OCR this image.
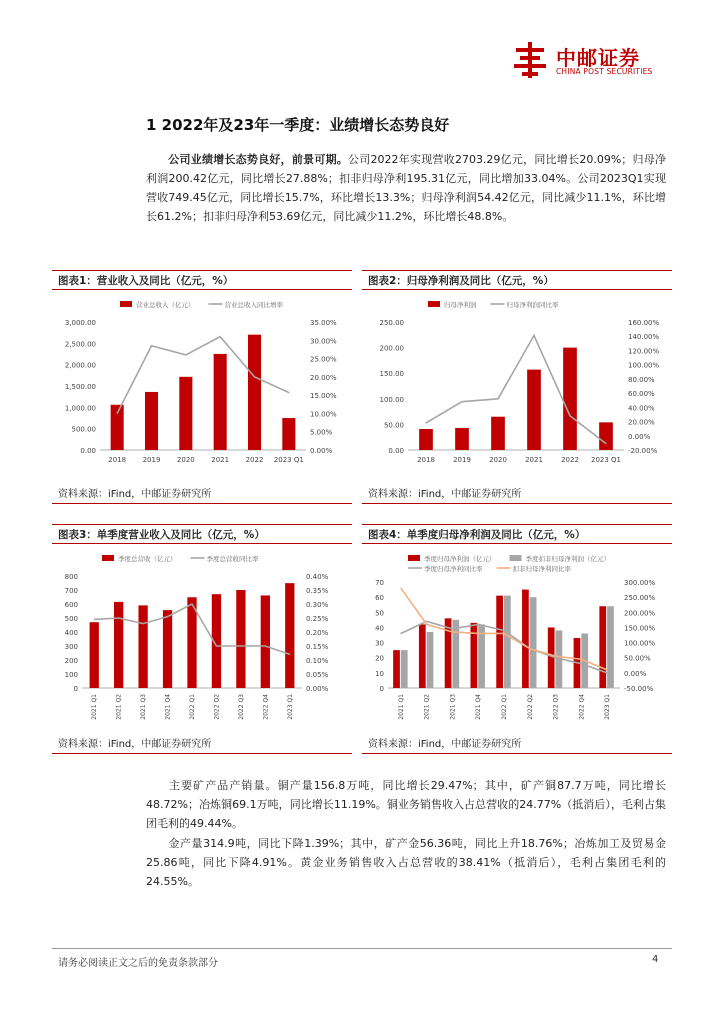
中邮证券
CHINA POST SECURITIES
1 2022年及23年一季度：业绩增长态势良好
公司业绩增长态势良好，前景可期。公司2022年实现营收2703.29亿元，同比增长20.09%；归母净利润200.42亿元，同比增长27.88%；扣非归母净利195.31亿元，同比增加33.04%。公司2023Q1实现营收749.45亿元，同比增长15.7%，环比增长13.3%；归母净利润54.42亿元，同比减少11.1%，环比增长61.2%；扣非归母净利53.69亿元，同比减少11.2%，环比增长48.8%。
图表1：营业收入及同比（亿元，%）	图表2：归母净利润及同比（亿元，%）
0.00
500.00
1,000.00
1,500.00
2,000.00
2,500.00
3,000.00
0.00%
5.00%
10.00%
15.00%
20.00%
25.00%
30.00%
35.00%
2018 2019 2020 2021 2022 2023 Q1
营业总收入（亿元）	营业总收入同比增率
0.00
50.00
100.00
150.00
200.00
250.00
-20.00%
0.00%
20.00%
40.00%
60.00%
80.00%
100.00%
120.00%
140.00%
160.00%
2018	2019	2020	2021	2022 2023 Q1
归母净利润	归母净利润同比率
资料来源：iFind，中邮证券研究所	资料来源：iFind，中邮证券研究所
图表3：单季度营业收入及同比（亿元，%）	图表4：单季度归母净利润及同比（亿元，%）
0
100
200
300
400
500
600
700
800
0.00%
0.05%
0.10%
0.15%
0.20%
0.25%
0.30%
0.35%
0.40%
2021 Q1	2021 Q2	2021 Q3	2021 Q4	2022 Q1	2022 Q2	2022 Q3	2022 Q4	2023 Q1
季度总营收（亿元）	季度总营收同比率
0
10
20
30
40
50
60
70
-50.00%
0.00%
50.00%
100.00%
150.00%
200.00%
250.00%
300.00%
2021 Q1	2021 Q2	2021 Q3	2021 Q4	2022 Q1	2022 Q2	2022 Q3	2022 Q4	2023 Q1
季度归母净利润（亿元）	季度扣非归母净利润（亿元）
季度归母净利同比率	扣非归母净利同比率
资料来源：iFind，中邮证券研究所	资料来源：iFind，中邮证券研究所
主要矿产品产销量。铜产量156.8万吨，同比增长29.47%；其中，矿产铜87.7万吨，同比增长48.72%；冶炼铜69.1万吨，同比增长11.19%。铜业务销售收入占总营收的24.77%（抵消后），毛利占集团毛利的49.44%。
金产量314.9吨，同比下降1.39%；其中，矿产金56.36吨，同比上升18.76%；冶炼加工及贸易金25.86吨，同比下降4.91%。黄金业务销售收入占总营收的38.41%（抵消后），毛利占集团毛利的24.55%。
请务必阅读正文之后的免责条款部分	4
